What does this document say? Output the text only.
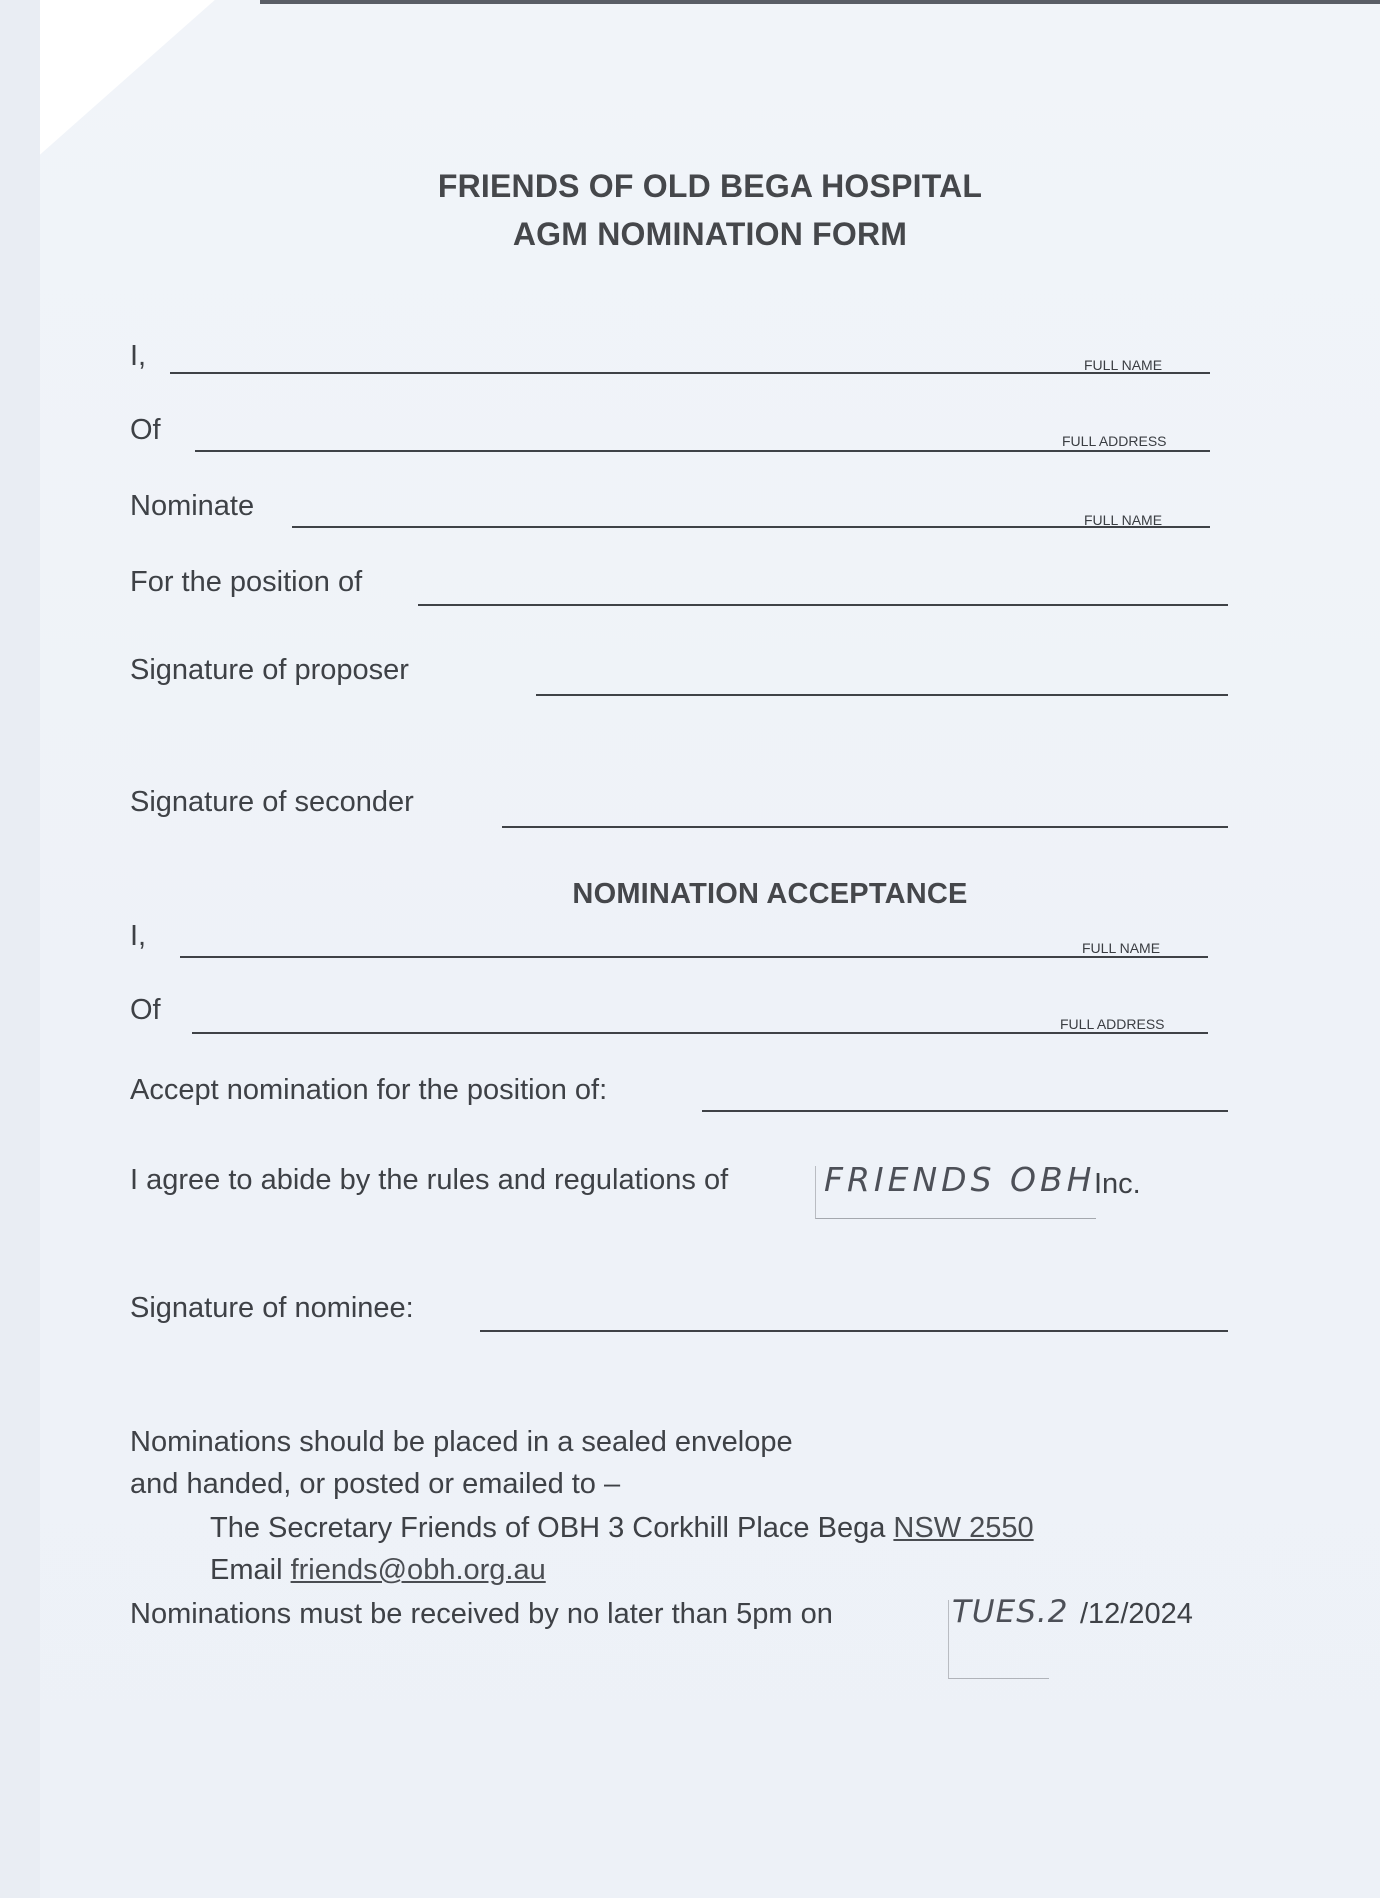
FRIENDS OF OLD BEGA HOSPITAL
AGM NOMINATION FORM
I,	FULL NAME
Of	FULL ADDRESS
Nominate	FULL NAME
For the position of
Signature of proposer
Signature of seconder
NOMINATION ACCEPTANCE
I,	FULL NAME
Of	FULL ADDRESS
Accept nomination for the position of:
I agree to abide by the rules and regulations of	FRIENDS OBH
Inc.
Signature of nominee:
Nominations should be placed in a sealed envelope
and handed, or posted or emailed to –
The Secretary Friends of OBH 3 Corkhill Place Bega NSW 2550
Email friends@obh.org.au
Nominations must be received by no later than 5pm on	TUES.2 /12/2024
